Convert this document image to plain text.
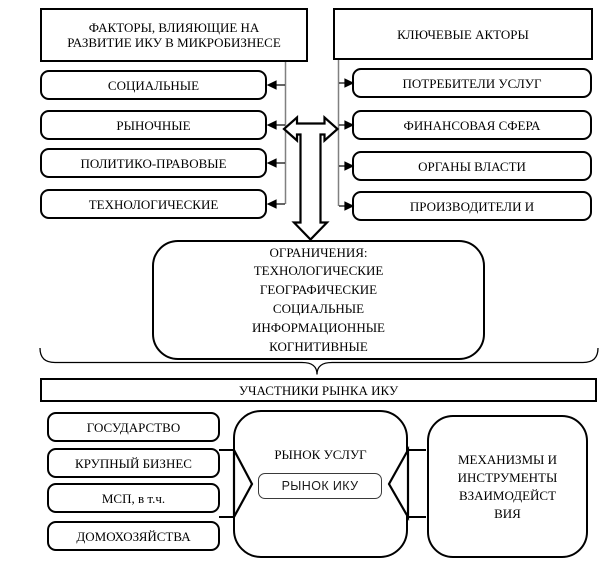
ФАКТОРЫ, ВЛИЯЮЩИЕ НА
РАЗВИТИЕ ИКУ В МИКРОБИЗНЕСЕ
КЛЮЧЕВЫЕ АКТОРЫ
СОЦИАЛЬНЫЕ
РЫНОЧНЫЕ
ПОЛИТИКО-ПРАВОВЫЕ
ТЕХНОЛОГИЧЕСКИЕ
ПОТРЕБИТЕЛИ УСЛУГ
ФИНАНСОВАЯ СФЕРА
ОРГАНЫ ВЛАСТИ
ПРОИЗВОДИТЕЛИ И
ОГРАНИЧЕНИЯ:
ТЕХНОЛОГИЧЕСКИЕ
ГЕОГРАФИЧЕСКИЕ
СОЦИАЛЬНЫЕ
ИНФОРМАЦИОННЫЕ
КОГНИТИВНЫЕ
УЧАСТНИКИ РЫНКА ИКУ
ГОСУДАРСТВО
КРУПНЫЙ БИЗНЕС
МСП, в т.ч.
ДОМОХОЗЯЙСТВА
РЫНОК УСЛУГ
РЫНОК ИКУ
МЕХАНИЗМЫ И
ИНСТРУМЕНТЫ
ВЗАИМОДЕЙСТ
ВИЯ
